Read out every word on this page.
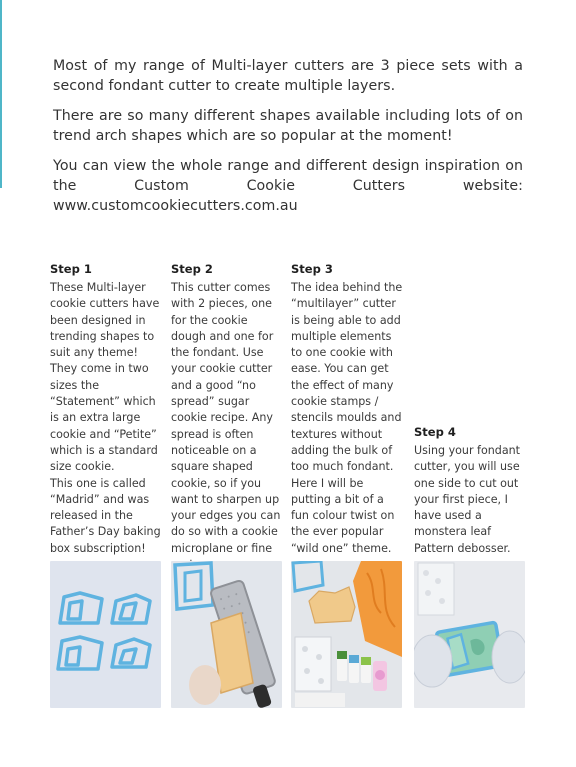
Most of my range of Multi-layer cutters are 3 piece sets with a second fondant cutter to create multiple layers.

There are so many different shapes available including lots of on trend arch shapes which are so popular at the moment!

You can view the whole range and different design inspiration on the Custom Cookie Cutters website: www.customcookiecutters.com.au

Step 1

These Multi-layer cookie cutters have been designed in trending shapes to suit any theme!
They come in two sizes the “Statement” which is an extra large cookie and “Petite” which is a standard size cookie.
This one is called “Madrid” and was released in the Father’s Day baking box subscription!

Step 2

This cutter comes with 2 pieces, one for the cookie dough and one for the fondant. Use your cookie cutter and a good “no spread” sugar cookie recipe. Any spread is often noticeable on a square shaped cookie, so if you want to sharpen up your edges you can do so with a cookie microplane or fine

Step 3

The idea behind the “multilayer” cutter is being able to add multiple elements to one cookie with ease. You can get the effect of many cookie stamps / stencils moulds and textures without adding the bulk of too much fondant. Here I will be putting a bit of a fun colour twist on the ever popular “wild one” theme.

Step 4

Using your fondant cutter, you will use one side to cut out your first piece, I have used a monstera leaf Pattern debosser.
